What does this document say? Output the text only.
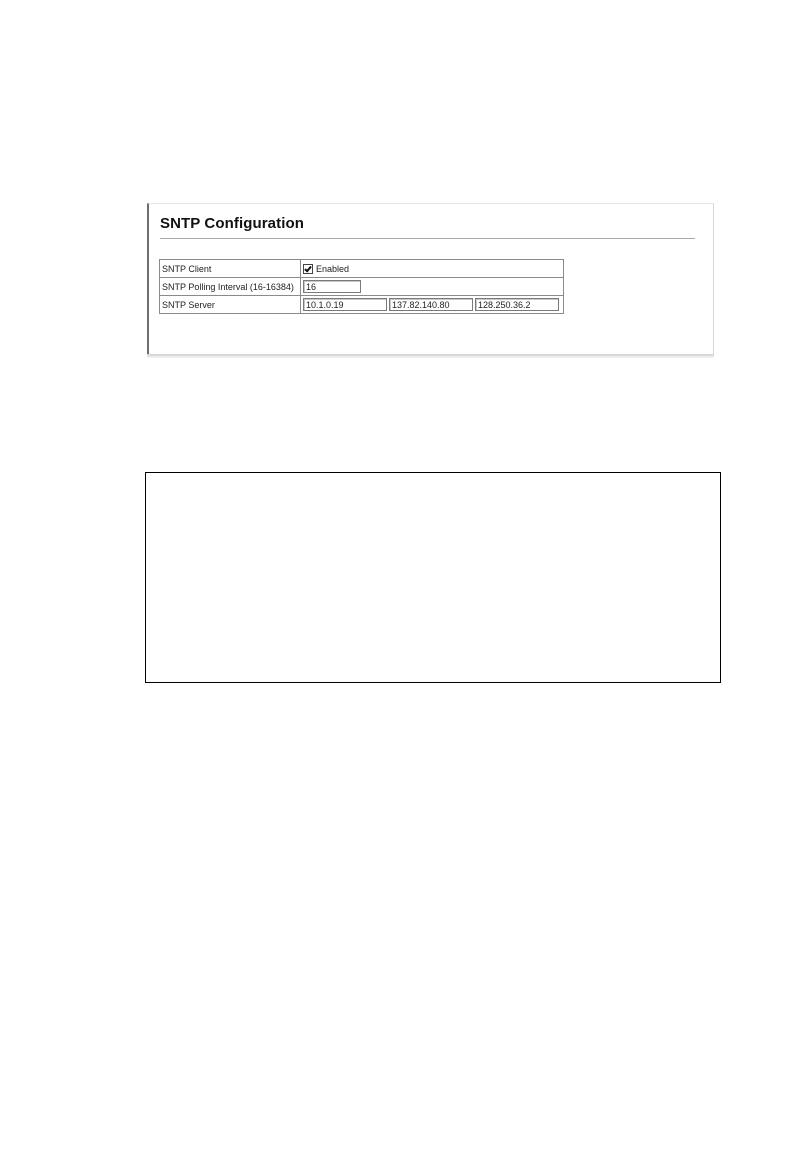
SNTP Configuration
SNTP Client	Enabled

SNTP Polling Interval (16-16384)	16
SNTP Server	10.1.0.19 137.82.140.80 128.250.36.2
